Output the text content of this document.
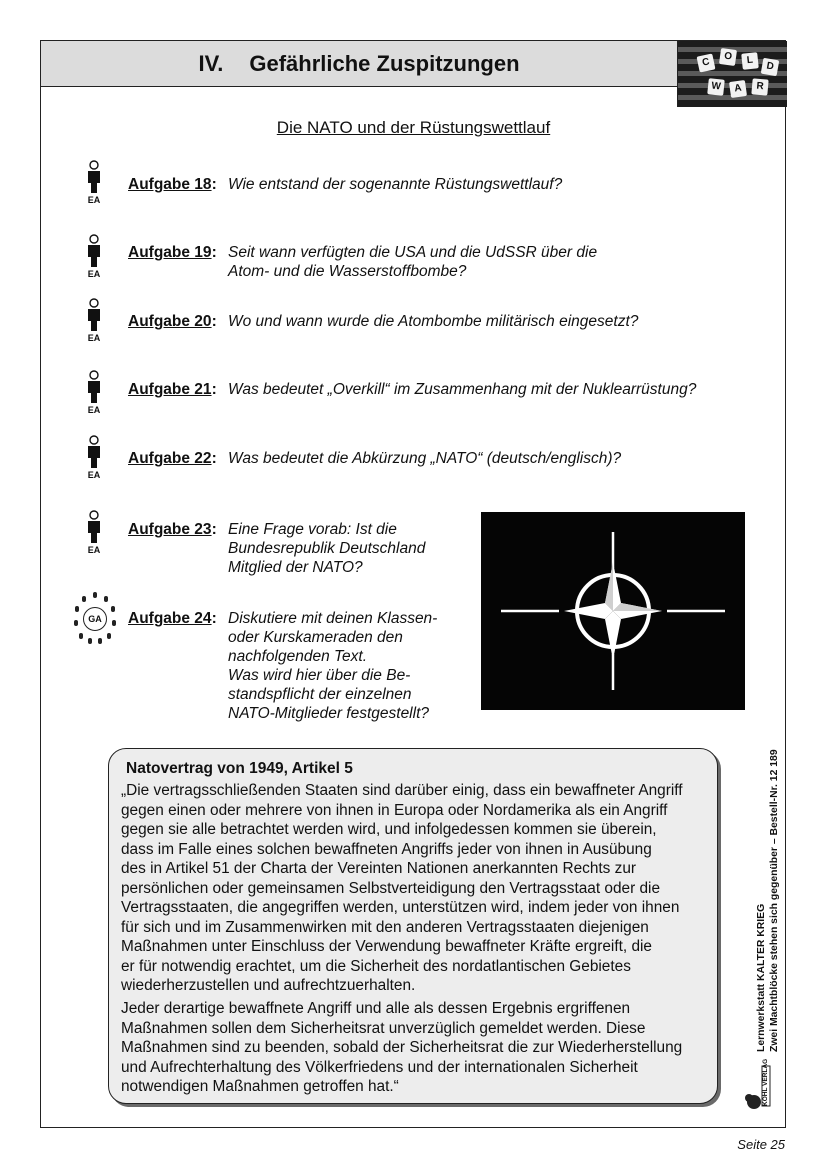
IV. Gefährliche Zuspitzungen	C	O	L	D
W	A	R
Die NATO und der Rüstungswettlauf
EA
Aufgabe 18: Wie entstand der sogenannte Rüstungswettlauf?
EA
Aufgabe 19: Seit wann verfügten die USA und die UdSSR über die
Atom- und die Wasserstoffbombe?
EA
Aufgabe 20: Wo und wann wurde die Atombombe militärisch eingesetzt?
EA
Aufgabe 21: Was bedeutet „Overkill“ im Zusammenhang mit der Nuklearrüstung?
EA
Aufgabe 22: Was bedeutet die Abkürzung „NATO“ (deutsch/englisch)?
EA
Aufgabe 23: Eine Frage vorab: Ist die
Bundesrepublik Deutschland
Mitglied der NATO?
GA	Aufgabe 24: Diskutiere mit deinen Klassen-
oder Kurskameraden den
nachfolgenden Text.
Was wird hier über die Be-
standspflicht der einzelnen
NATO-Mitglieder festgestellt?
Natovertrag von 1949, Artikel 5
„Die vertragsschließenden Staaten sind darüber einig, dass ein bewaffneter Angriff
gegen einen oder mehrere von ihnen in Europa oder Nordamerika als ein Angriff
gegen sie alle betrachtet werden wird, und infolgedessen kommen sie überein,
dass im Falle eines solchen bewaffneten Angriffs jeder von ihnen in Ausübung
des in Artikel 51 der Charta der Vereinten Nationen anerkannten Rechts zur
persönlichen oder gemeinsamen Selbstverteidigung den Vertragsstaat oder die
Vertragsstaaten, die angegriffen werden, unterstützen wird, indem jeder von ihnen
für sich und im Zusammenwirken mit den anderen Vertragsstaaten diejenigen
Maßnahmen unter Einschluss der Verwendung bewaffneter Kräfte ergreift, die
er für notwendig erachtet, um die Sicherheit des nordatlantischen Gebietes
wiederherzustellen und aufrechtzuerhalten.
Jeder derartige bewaffnete Angriff und alle als dessen Ergebnis ergriffenen
Maßnahmen sollen dem Sicherheitsrat unverzüglich gemeldet werden. Diese
Maßnahmen sind zu beenden, sobald der Sicherheitsrat die zur Wiederherstellung
und Aufrechterhaltung des Völkerfriedens und der internationalen Sicherheit
notwendigen Maßnahmen getroffen hat.“
Lernwerkstatt KALTER KRIEG Zwei Machtblöcke stehen sich gegenüber – Bestell-Nr. 12 189
KOHL VERLAG
Seite 25
